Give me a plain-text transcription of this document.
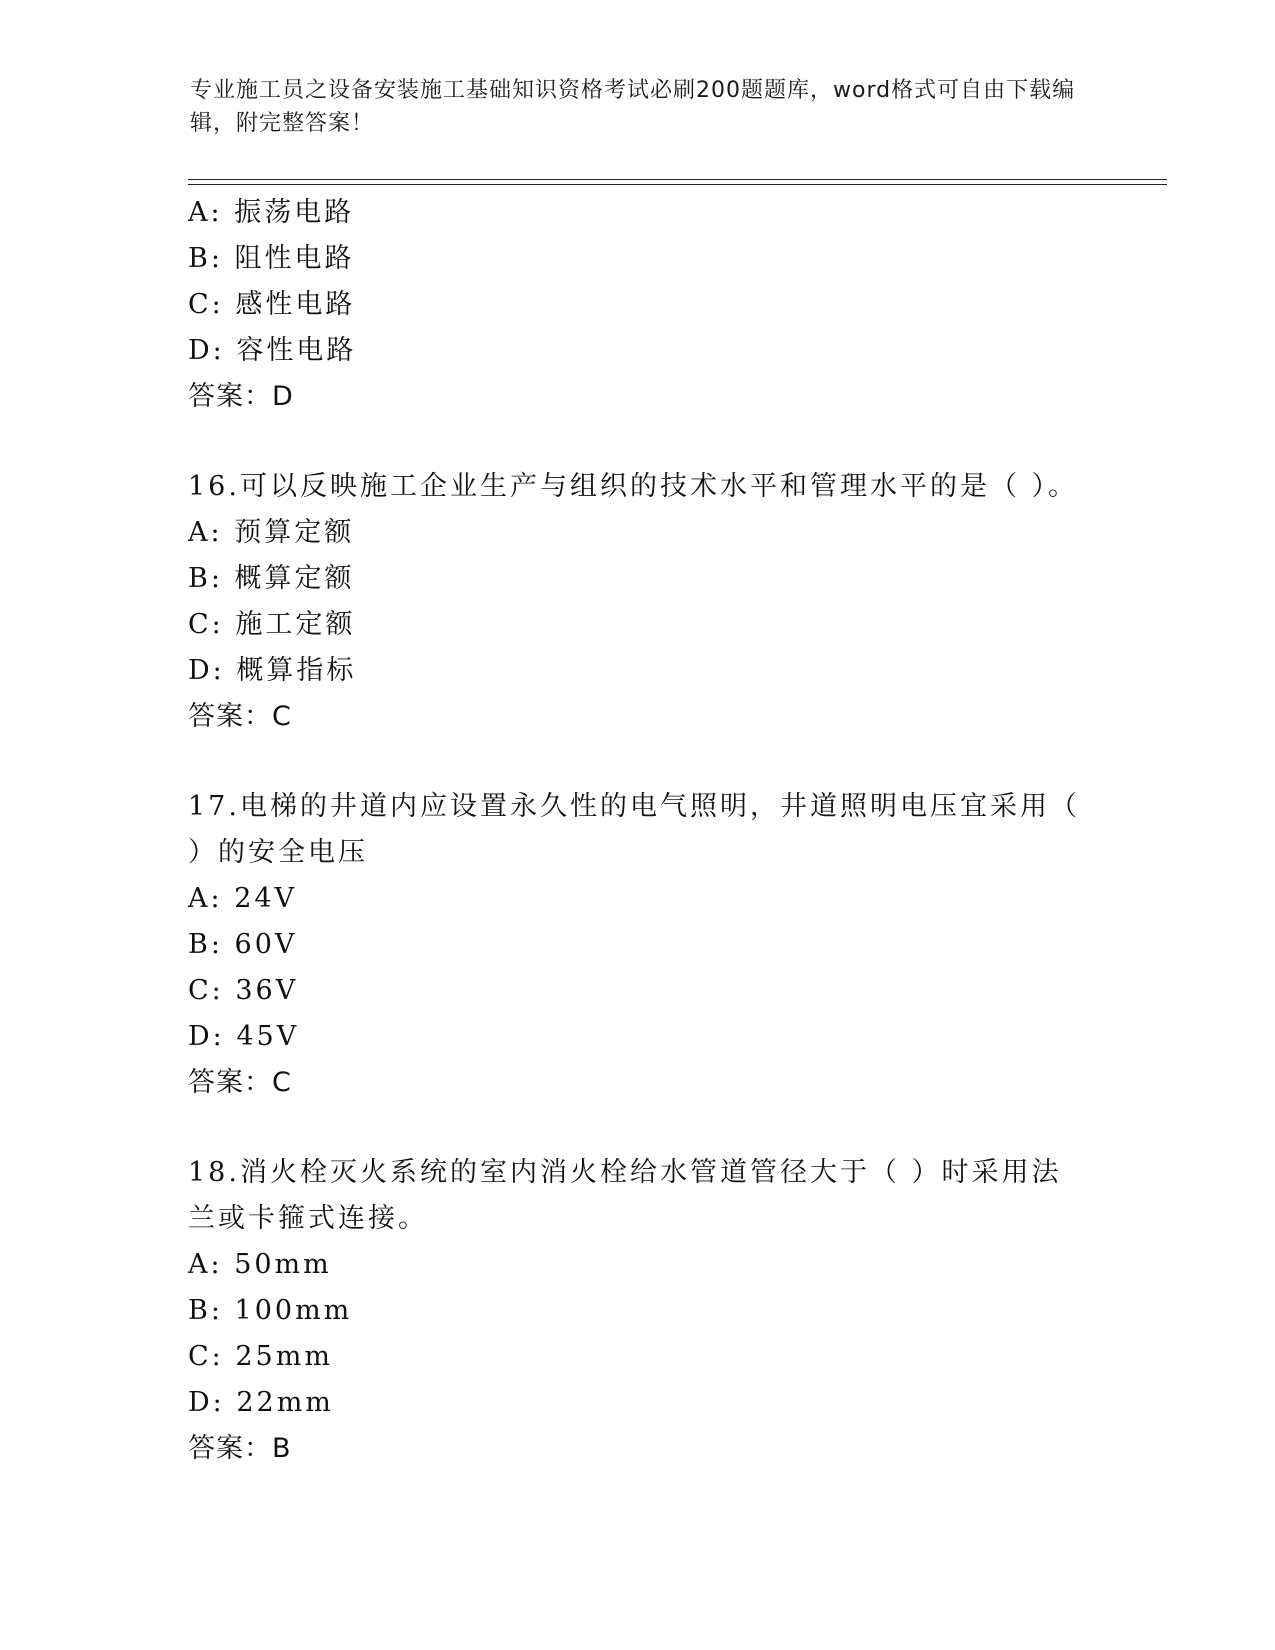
专业施工员之设备安装施工基础知识资格考试必刷200题题库，word格式可自由下载编辑，附完整答案！
A: 振荡电路
B: 阻性电路
C: 感性电路
D: 容性电路
答案：D
16.可以反映施工企业生产与组织的技术水平和管理水平的是（ ）。
A: 预算定额
B: 概算定额
C: 施工定额
D: 概算指标
答案：C
17.电梯的井道内应设置永久性的电气照明，井道照明电压宜采用（ ）的安全电压
A: 24V
B: 60V
C: 36V
D: 45V
答案：C
18.消火栓灭火系统的室内消火栓给水管道管径大于（ ）时采用法兰或卡箍式连接。
A: 50mm
B: 100mm
C: 25mm
D: 22mm
答案：B
